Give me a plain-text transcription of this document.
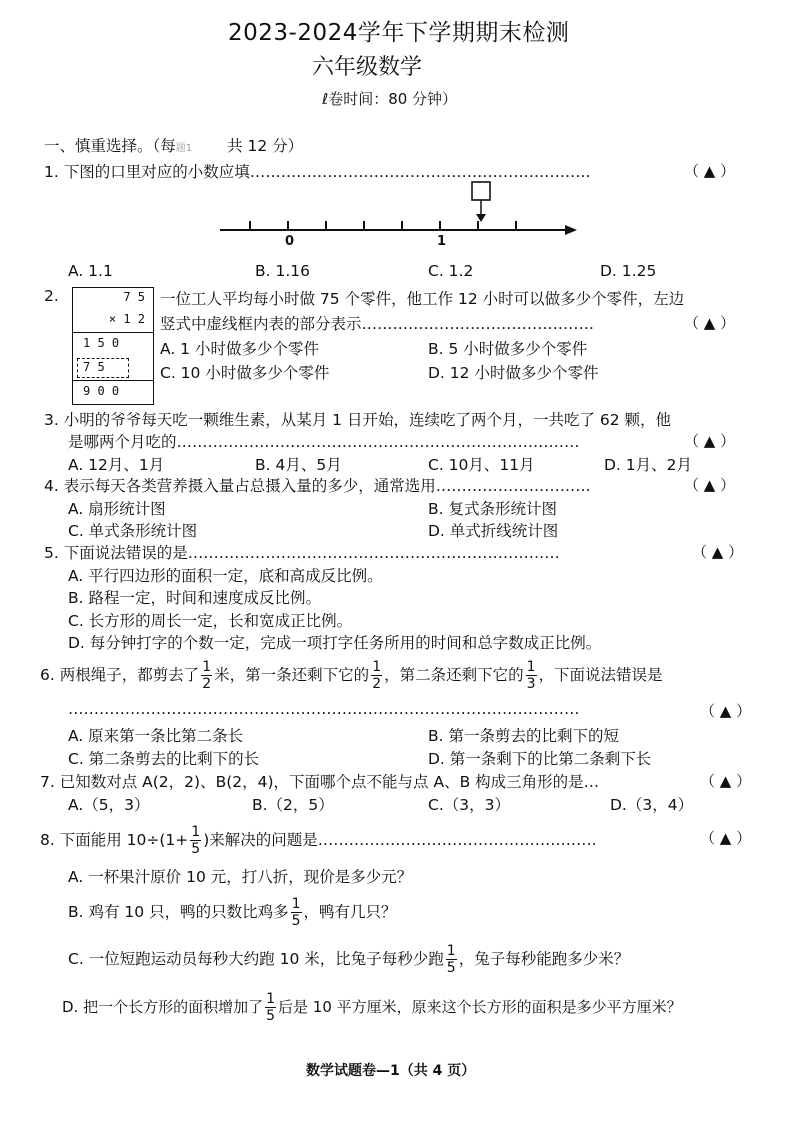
2023-2024学年下学期期末检测
六年级数学
ℓ卷时间：80 分钟）
一、慎重选择。（每题1 共 12 分）
1. 下图的口里对应的小数应填…………………………………………………………	（ ▲ ）
0	1
A. 1.1	B. 1.16	C. 1.2	D. 1.25
2.	7 5
× 1 2
1 5 0
7 5
9 0 0
一位工人平均每小时做 75 个零件，他工作 12 小时可以做多少个零件，左边
竖式中虚线框内表的部分表示………………………………………	（ ▲ ）
A. 1 小时做多少个零件	B. 5 小时做多少个零件
C. 10 小时做多少个零件	D. 12 小时做多少个零件
3. 小明的爷爷每天吃一颗维生素，从某月 1 日开始，连续吃了两个月，一共吃了 62 颗，他
是哪两个月吃的……………………………………………………………………	（ ▲ ）
A. 12月、1月	B. 4月、5月	C. 10月、11月	D. 1月、2月
4. 表示每天各类营养摄入量占总摄入量的多少，通常选用…………………………	（ ▲ ）
A. 扇形统计图	B. 复式条形统计图
C. 单式条形统计图	D. 单式折线统计图
5. 下面说法错误的是………………………………………………………………	（ ▲ ）
A. 平行四边形的面积一定，底和高成反比例。
B. 路程一定，时间和速度成反比例。
C. 长方形的周长一定，长和宽成正比例。
D. 每分钟打字的个数一定，完成一项打字任务所用的时间和总字数成正比例。
6. 两根绳子，都剪去了 $\frac{1}{2}$ 米，第一条还剩下它的 $\frac{1}{2}$ ，第二条还剩下它的 $\frac{1}{3}$ ，下面说法错误是
………………………………………………………………………………………	（ ▲ ）
A. 原来第一条比第二条长	B. 第一条剪去的比剩下的短
C. 第二条剪去的比剩下的长	D. 第一条剩下的比第二条剩下长
7. 已知数对点 A(2，2)、B(2，4)，下面哪个点不能与点 A、B 构成三角形的是…	（ ▲ ）
A.（5，3）	B.（2，5）	C.（3，3）	D.（3，4）
8. 下面能用 $10\div(1+ \frac{1}{5}$ )来解决的问题是………………………………………………	（ ▲ ）
A. 一杯果汁原价 10 元，打八折，现价是多少元？
B. 鸡有 10 只，鸭的只数比鸡多 $\frac{1}{5}$ ，鸭有几只？
C. 一位短跑运动员每秒大约跑 10 米，比兔子每秒少跑 $\frac{1}{5}$ ，兔子每秒能跑多少米？
D. 把一个长方形的面积增加了 $\frac{1}{5}$ 后是 10 平方厘米，原来这个长方形的面积是多少平方厘米？
数学试题卷—1（共 4 页）
